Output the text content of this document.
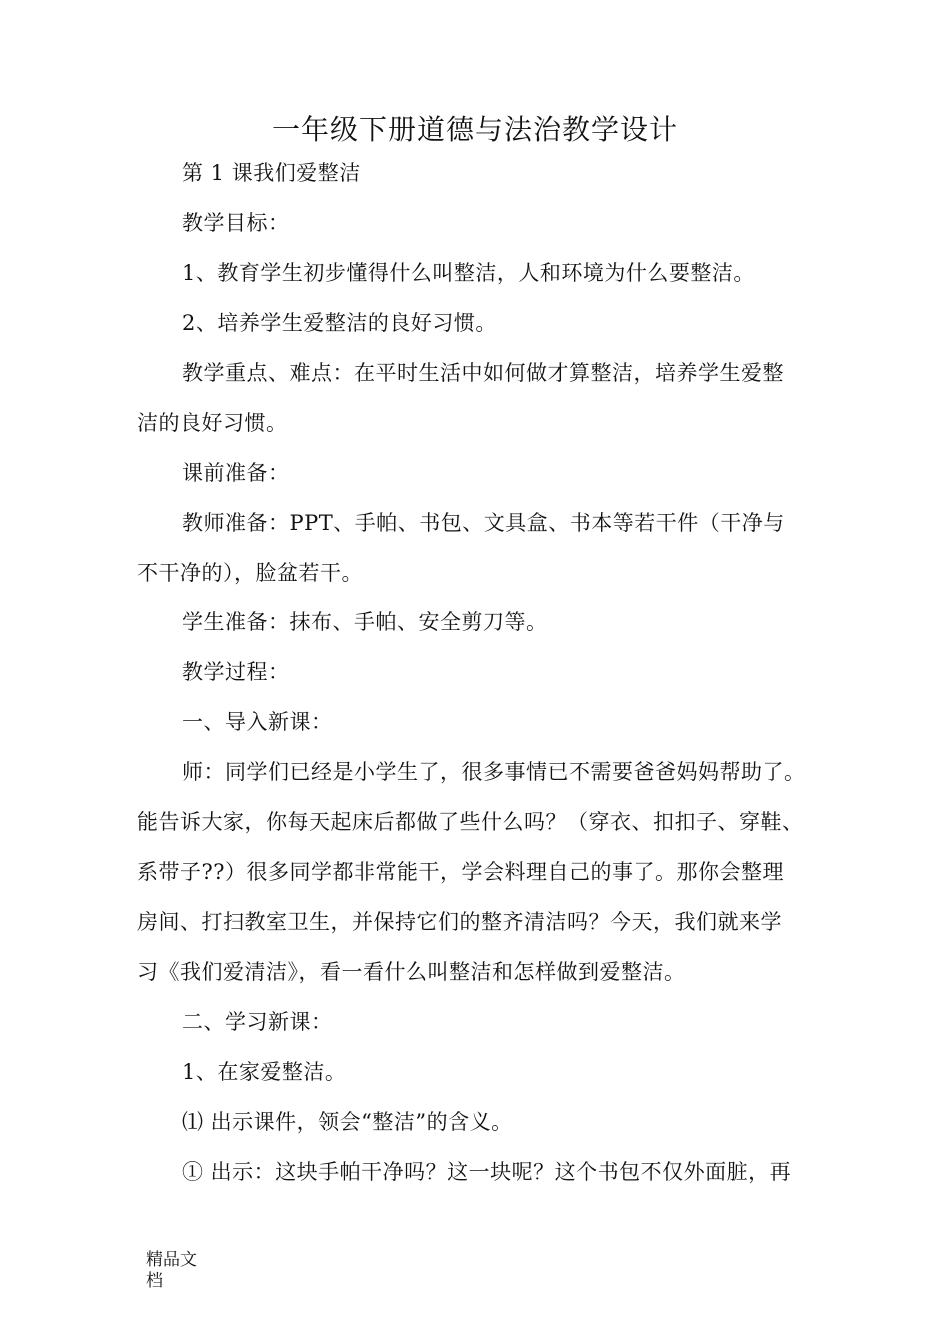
一年级下册道德与法治教学设计
第 1 课我们爱整洁
教学目标：
1、教育学生初步懂得什么叫整洁，人和环境为什么要整洁。
2、培养学生爱整洁的良好习惯。
教学重点、难点：在平时生活中如何做才算整洁，培养学生爱整
洁的良好习惯。
课前准备：
教师准备：PPT、手帕、书包、文具盒、书本等若干件（干净与
不干净的），脸盆若干。
学生准备：抹布、手帕、安全剪刀等。
教学过程：
一、导入新课：
师：同学们已经是小学生了，很多事情已不需要爸爸妈妈帮助了。
能告诉大家，你每天起床后都做了些什么吗？（穿衣、扣扣子、穿鞋、
系带子??）很多同学都非常能干，学会料理自己的事了。那你会整理
房间、打扫教室卫生，并保持它们的整齐清洁吗？今天，我们就来学
习《我们爱清洁》，看一看什么叫整洁和怎样做到爱整洁。
二、学习新课：
1、在家爱整洁。
⑴ 出示课件，领会“整洁”的含义。
① 出示：这块手帕干净吗？这一块呢？这个书包不仅外面脏，再
精品文
档
